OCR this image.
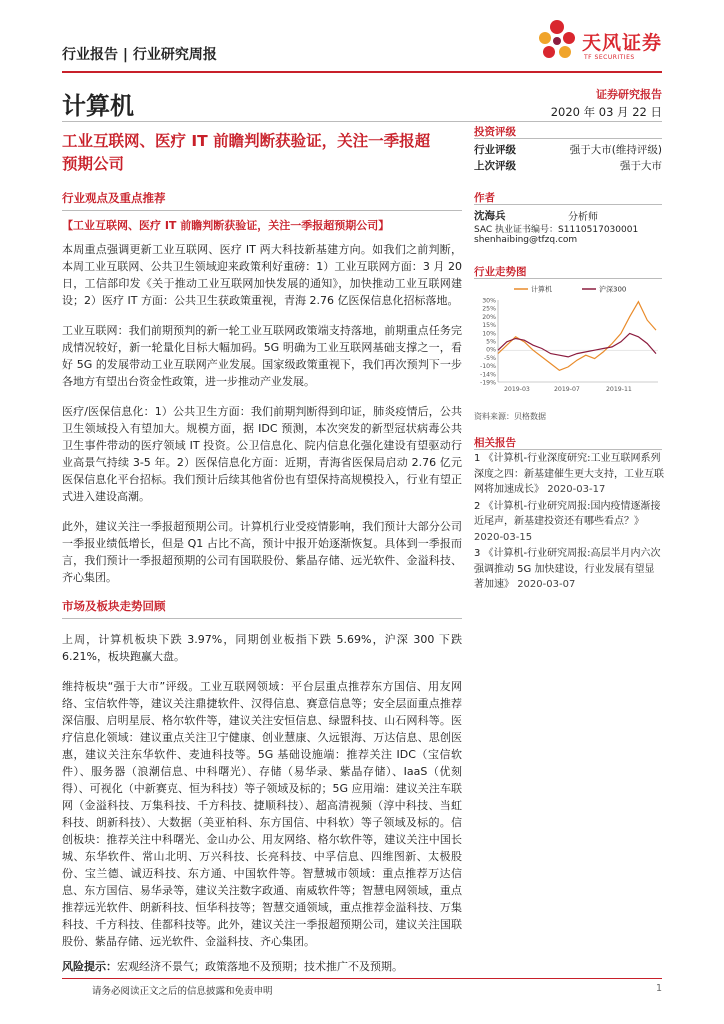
行业报告 | 行业研究周报
天风证券
TF SECURITIES
计算机	证券研究报告
2020 年 03 月 22 日
工业互联网、医疗 IT 前瞻判断获验证，关注一季报超
预期公司
投资评级
行业评级	强于大市(维持评级)
上次评级	强于大市
作者
沈海兵	分析师
SAC 执业证书编号：S1110517030001
shenhaibing@tfzq.com
行业走势图
30%
25%
20%
15%
10%
5%
0%
-5%
-10%
-14%
-19%
2019-03	2019-07	2019-11
计算机	沪深300
资料来源：贝格数据
相关报告
1 《计算机-行业深度研究:工业互联网系列深度之四：新基建催生更大支持，工业互联网将加速成长》 2020-03-17
2 《计算机-行业研究周报:国内疫情逐渐接近尾声，新基建投资还有哪些看点？》 2020-03-15
3 《计算机-行业研究周报:高层半月内六次强调推动 5G 加快建设，行业发展有望显著加速》 2020-03-07
行业观点及重点推荐
【工业互联网、医疗 IT 前瞻判断获验证，关注一季报超预期公司】

本周重点强调更新工业互联网、医疗 IT 两大科技新基建方向。如我们之前判断，本周工业互联网、公共卫生领域迎来政策利好重磅：1）工业互联网方面：3 月 20 日，工信部印发《关于推动工业互联网加快发展的通知》，加快推动工业互联网建设；2）医疗 IT 方面：公共卫生获政策重视，青海 2.76 亿医保信息化招标落地。

工业互联网：我们前期预判的新一轮工业互联网政策端支持落地，前期重点任务完成情况较好，新一轮量化目标大幅加码。5G 明确为工业互联网基础支撑之一，看好 5G 的发展带动工业互联网产业发展。国家级政策重视下，我们再次预判下一步各地方有望出台资金性政策，进一步推动产业发展。

医疗/医保信息化：1）公共卫生方面：我们前期判断得到印证，肺炎疫情后，公共卫生领域投入有望加大。规模方面，据 IDC 预测，本次突发的新型冠状病毒公共卫生事件带动的医疗领域 IT 投资。公卫信息化、院内信息化强化建设有望驱动行业高景气持续 3-5 年。2）医保信息化方面：近期，青海省医保局启动 2.76 亿元医保信息化平台招标。我们预计后续其他省份也有望保持高规模投入，行业有望正式进入建设高潮。

此外，建议关注一季报超预期公司。计算机行业受疫情影响，我们预计大部分公司一季报业绩低增长，但是 Q1 占比不高，预计中报开始逐渐恢复。具体到一季报而言，我们预计一季报超预期的公司有国联股份、紫晶存储、远光软件、金溢科技、齐心集团。

市场及板块走势回顾

上周，计算机板块下跌 3.97%，同期创业板指下跌 5.69%，沪深 300 下跌 6.21%，板块跑赢大盘。

维持板块“强于大市”评级。工业互联网领域：平台层重点推荐东方国信、用友网络、宝信软件等，建议关注鼎捷软件、汉得信息、赛意信息等；安全层面重点推荐深信服、启明星辰、格尔软件等，建议关注安恒信息、绿盟科技、山石网科等。医疗信息化领域：建议重点关注卫宁健康、创业慧康、久远银海、万达信息、思创医惠，建议关注东华软件、麦迪科技等。5G 基础设施端：推荐关注 IDC（宝信软件）、服务器（浪潮信息、中科曙光）、存储（易华录、紫晶存储）、IaaS（优刻得）、可视化（中新赛克、恒为科技）等子领域及标的；5G 应用端：建议关注车联网（金溢科技、万集科技、千方科技、捷顺科技）、超高清视频（淳中科技、当虹科技、朗新科技）、大数据（美亚柏科、东方国信、中科软）等子领域及标的。信创板块：推荐关注中科曙光、金山办公、用友网络、格尔软件等，建议关注中国长城、东华软件、常山北明、万兴科技、长亮科技、中孚信息、四维图新、太极股份、宝兰德、诚迈科技、东方通、中国软件等。智慧城市领域：重点推荐万达信息、东方国信、易华录等，建议关注数字政通、南威软件等；智慧电网领域，重点推荐远光软件、朗新科技、恒华科技等；智慧交通领域，重点推荐金溢科技、万集科技、千方科技、佳都科技等。此外，建议关注一季报超预期公司，建议关注国联股份、紫晶存储、远光软件、金溢科技、齐心集团。

风险提示：宏观经济不景气；政策落地不及预期；技术推广不及预期。

请务必阅读正文之后的信息披露和免责申明	1
